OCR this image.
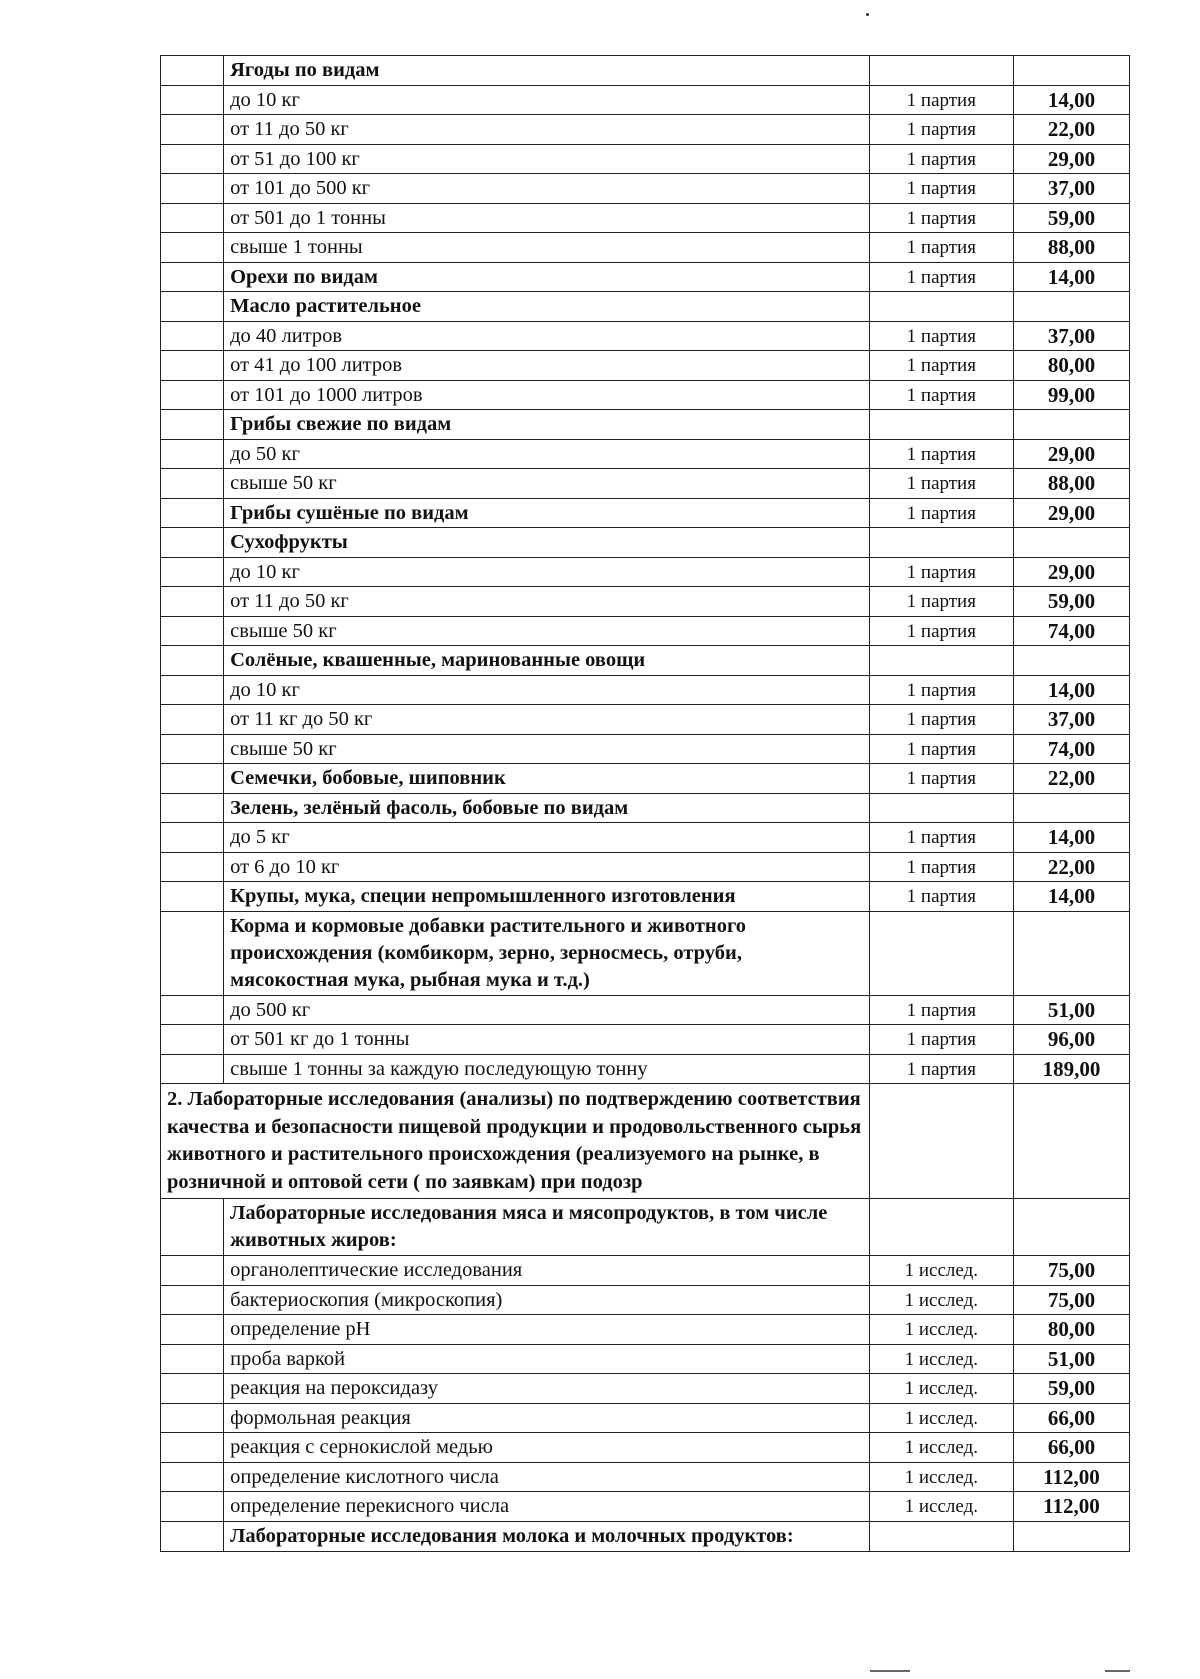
	Ягоды по видам		
	до 10 кг	1 партия	14,00
	от 11 до 50 кг	1 партия	22,00
	от 51 до 100 кг	1 партия	29,00
	от 101 до 500 кг	1 партия	37,00
	от 501 до 1 тонны	1 партия	59,00
	свыше 1 тонны	1 партия	88,00
	Орехи по видам	1 партия	14,00
	Масло растительное		
	до 40 литров	1 партия	37,00
	от 41 до 100 литров	1 партия	80,00
	от 101 до 1000 литров	1 партия	99,00
	Грибы свежие по видам		
	до 50 кг	1 партия	29,00
	свыше 50 кг	1 партия	88,00
	Грибы сушёные по видам	1 партия	29,00
	Сухофрукты		
	до 10 кг	1 партия	29,00
	от 11 до 50 кг	1 партия	59,00
	свыше 50 кг	1 партия	74,00
	Солёные, квашенные, маринованные овощи		
	до 10 кг	1 партия	14,00
	от 11 кг до 50 кг	1 партия	37,00
	свыше 50 кг	1 партия	74,00
	Семечки, бобовые, шиповник	1 партия	22,00
	Зелень, зелёный фасоль, бобовые по видам		
	до 5 кг	1 партия	14,00
	от 6 до 10 кг	1 партия	22,00
	Крупы, мука, специи непромышленного изготовления	1 партия	14,00
	Корма и кормовые добавки растительного и животного происхождения (комбикорм, зерно, зерносмесь, отруби, мясокостная мука, рыбная мука и т.д.)		
	до 500 кг	1 партия	51,00
	от 501 кг до 1 тонны	1 партия	96,00
	свыше 1 тонны за каждую последующую тонну	1 партия	189,00
2. Лабораторные исследования (анализы) по подтверждению соответствия качества и безопасности пищевой продукции и продовольственного сырья животного и растительного происхождения (реализуемого на рынке, в розничной и оптовой сети ( по заявкам) при подозр			
	Лабораторные исследования мяса и мясопродуктов, в том числе животных жиров:		
	органолептические исследования	1 исслед.	75,00
	бактериоскопия (микроскопия)	1 исслед.	75,00
	определение рН	1 исслед.	80,00
	проба варкой	1 исслед.	51,00
	реакция на пероксидазу	1 исслед.	59,00
	формольная реакция	1 исслед.	66,00
	реакция с сернокислой медью	1 исслед.	66,00
	определение кислотного числа	1 исслед.	112,00
	определение перекисного числа	1 исслед.	112,00
	Лабораторные исследования молока и молочных продуктов:		
